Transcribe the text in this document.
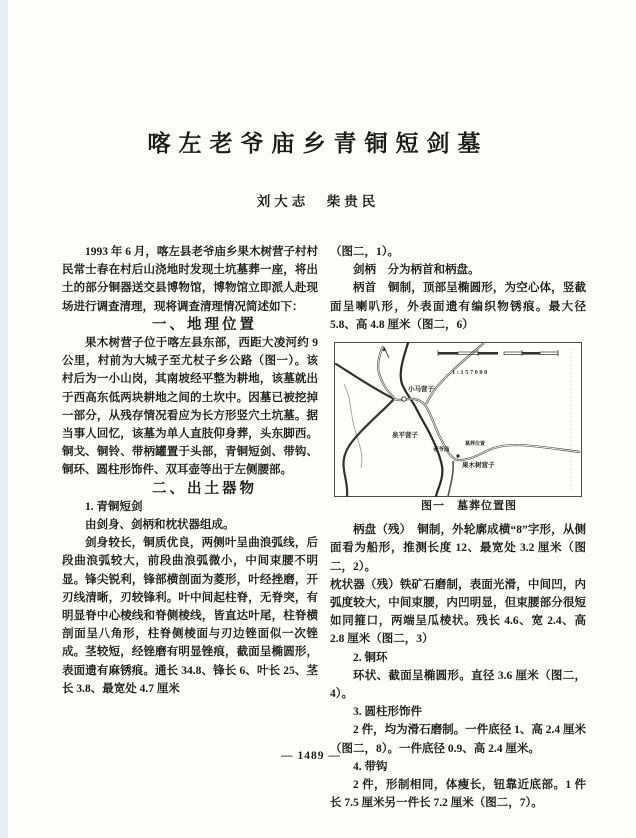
喀左老爷庙乡青铜短剑墓
刘大志　柴贵民

1993 年 6 月，喀左县老爷庙乡果木树营子村村民常士春在村后山浇地时发现土坑墓葬一座，将出土的部分铜器送交县博物馆，博物馆立即派人赴现场进行调查清理，现将调查清理情况简述如下：

一、地理位置

果木树营子位于喀左县东部，西距大凌河约 9 公里，村前为大城子至尤杖子乡公路（图一）。该村后为一小山岗，其南坡经平整为耕地，该墓就出于西高东低两块耕地之间的土坎中。因墓已被挖掉一部分，从残存情况看应为长方形竖穴土坑墓。据当事人回忆，该墓为单人直肢仰身葬，头东脚西。铜戈、铜铃、带柄罐置于头部，青铜短剑、带钩、铜环、圆柱形饰件、双耳壶等出于左侧腰部。

二、出土器物

1. 青铜短剑

由剑身、剑柄和枕状器组成。

剑身较长，铜质优良，两侧叶呈曲浪弧线，后段曲浪弧较大，前段曲浪弧微小，中间束腰不明显。锋尖锐利，锋部横剖面为菱形，叶经挫磨，开刃线清晰，刃较锋利。叶中间起柱脊，无脊突，有明显脊中心棱线和脊侧棱线，皆直达叶尾，柱脊横剖面呈八角形，柱脊侧棱面与刃边锉面似一次锉成。茎较短，经锉磨有明显锉痕，截面呈椭圆形，表面遗有麻锈痕。通长 34.8、锋长 6、叶长 25、茎长 3.8、最宽处 4.7 厘米

（图二，1）。

剑柄　分为柄首和柄盘。

柄首　铜制，顶部呈椭圆形，为空心体，竖截面呈喇叭形，外表面遗有编织物锈痕。最大径 5.8、高 4.8 厘米（图二，6）

小马营子
泉平营子
老爷庙
墓葬位置
果木树营子
1:157000

图一　墓葬位置图

柄盘（残）　铜制，外轮廓成横“8”字形，从侧面看为船形，推测长度 12、最宽处 3.2 厘米（图二，2）。

枕状器（残）铁矿石磨制，表面光滑，中间凹，内弧度较大，中间束腰，内凹明显，但束腰部分很短如同箍口，两端呈瓜棱状。残长 4.6、宽 2.4、高 2.8 厘米（图二，3）

2. 铜环

环状、截面呈椭圆形。直径 3.6 厘米（图二，4）。

3. 圆柱形饰件

2 件，均为滑石磨制。一件底径 1、高 2.4 厘米（图二，8）。一件底径 0.9、高 2.4 厘米。

4. 带钩

2 件，形制相同，体瘦长，钮靠近底部。1 件长 7.5 厘米另一件长 7.2 厘米（图二，7）。

— 1489 —
